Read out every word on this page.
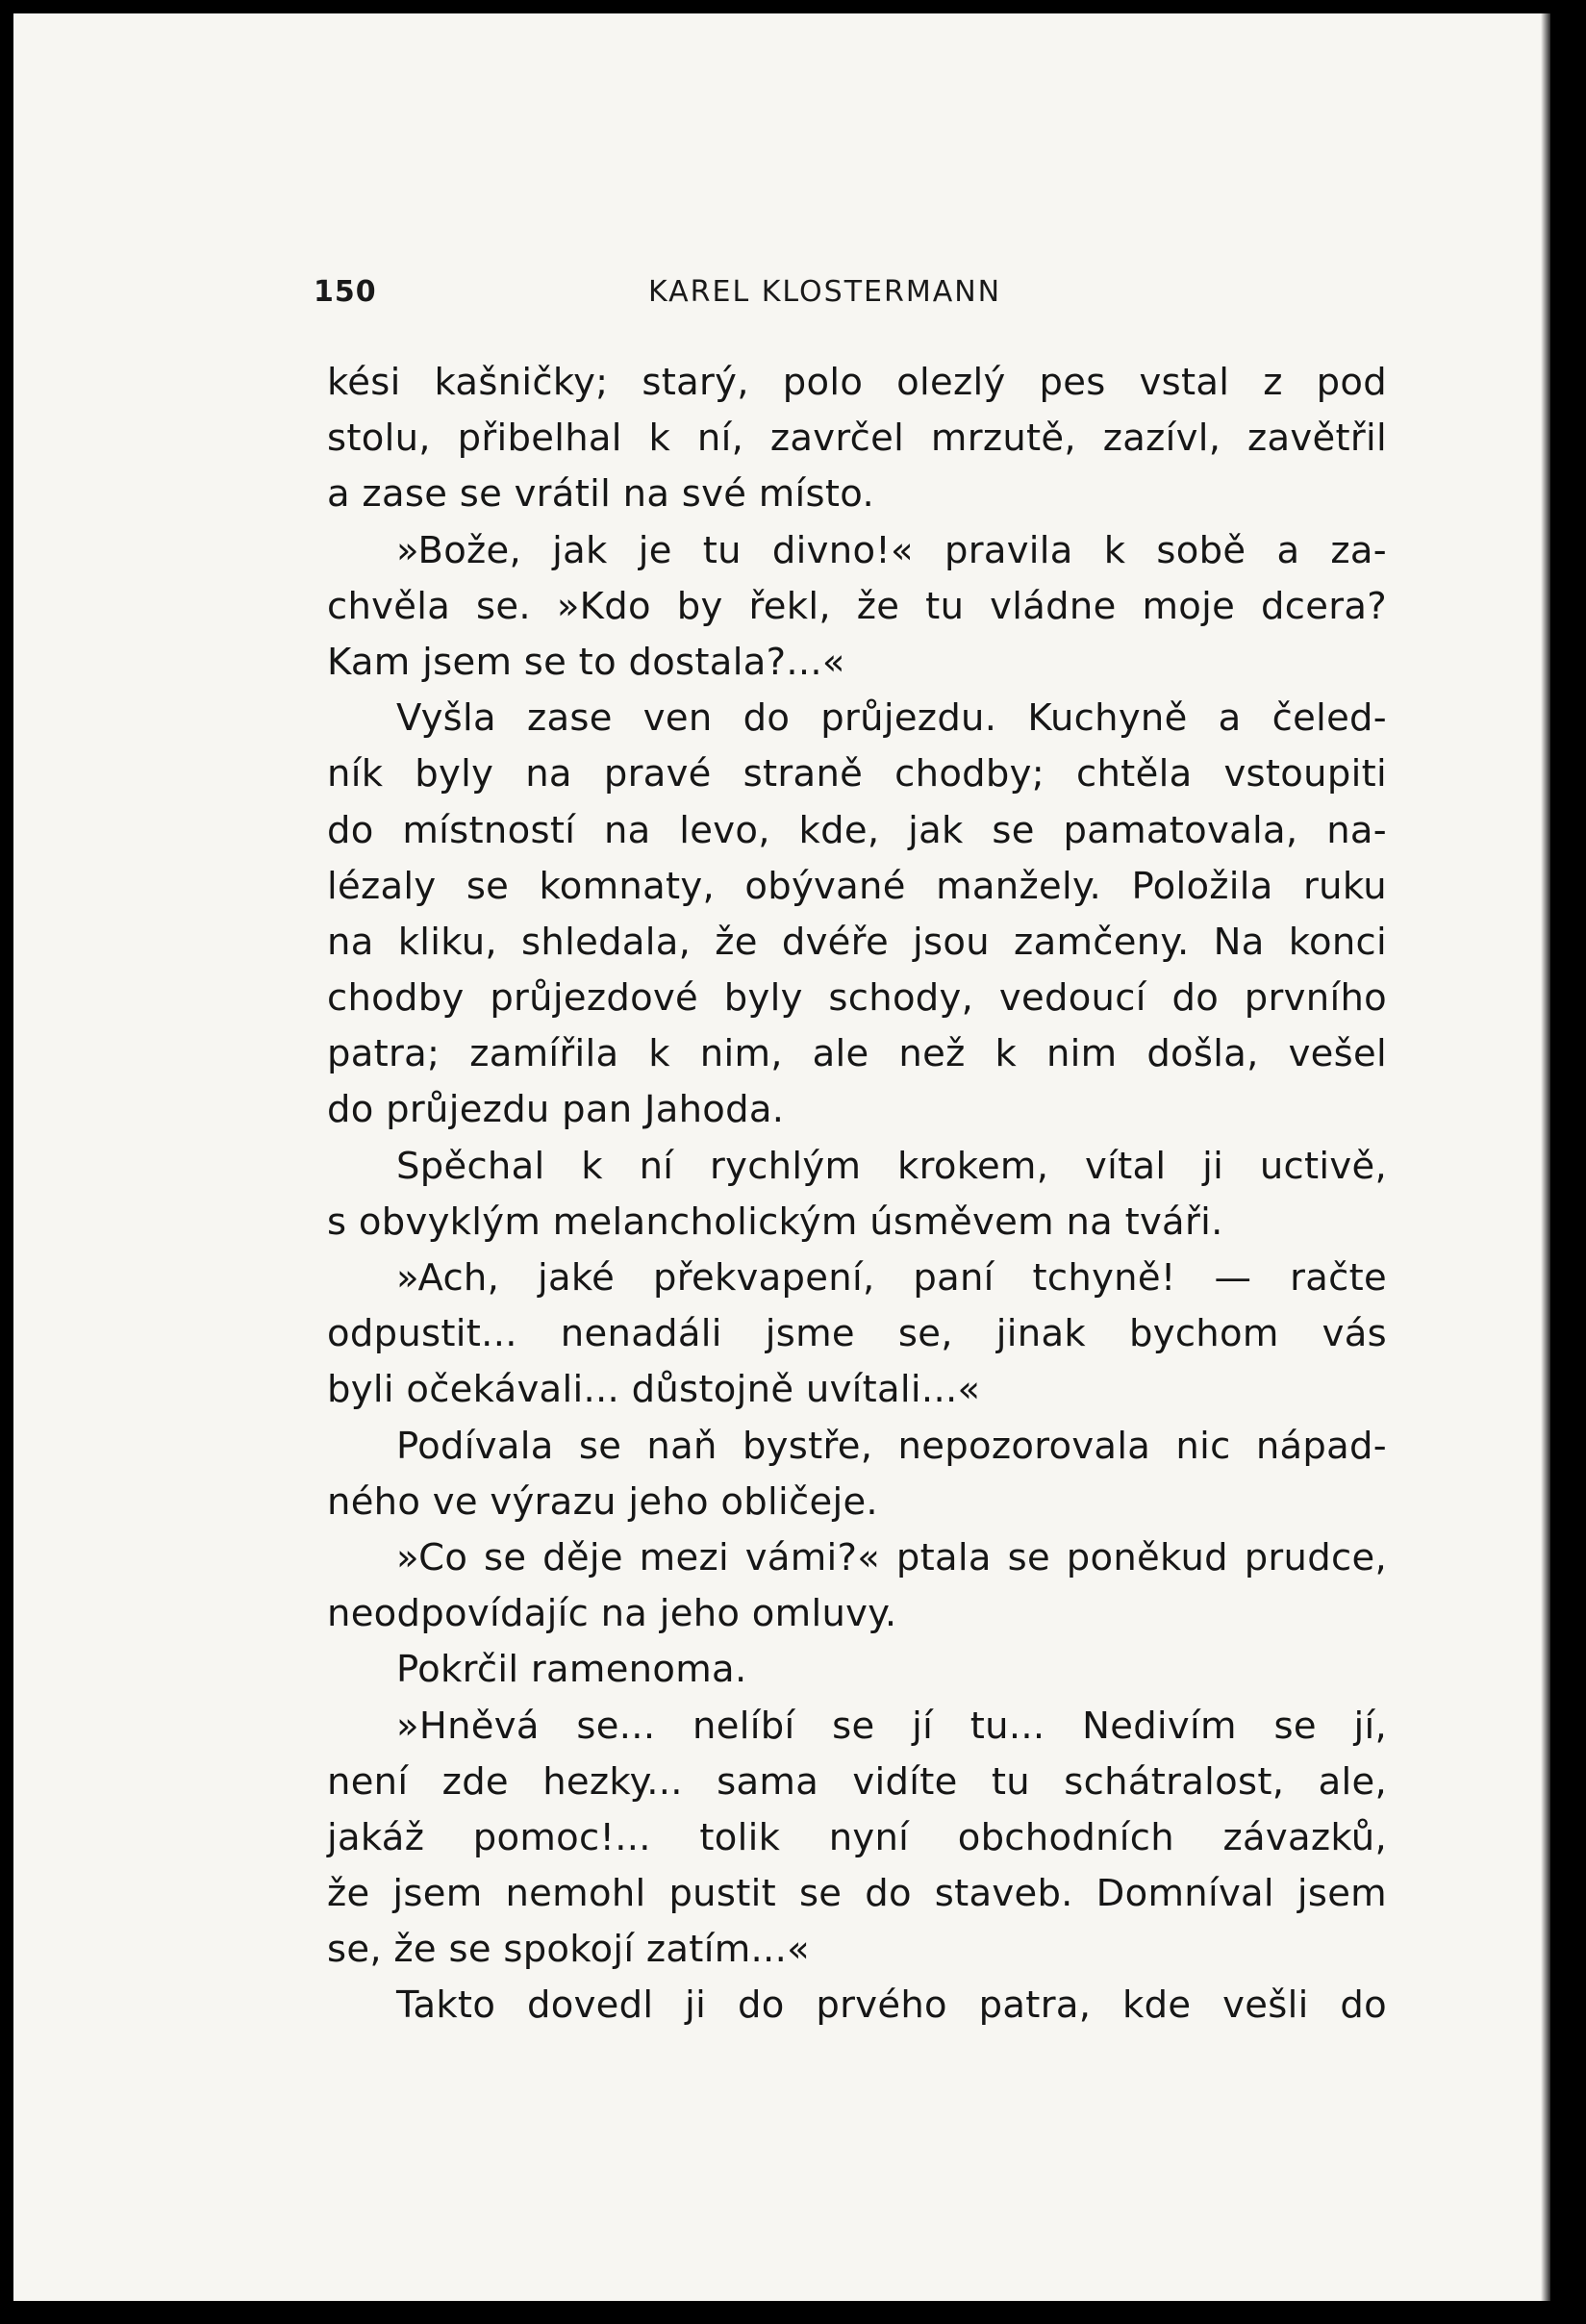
150	KAREL KLOSTERMANN
kési kašničky; starý, polo olezlý pes vstal z pod
stolu, přibelhal k ní, zavrčel mrzutě, zazívl, zavětřil
a zase se vrátil na své místo.
»Bože, jak je tu divno!« pravila k sobě a za-
chvěla se. »Kdo by řekl, že tu vládne moje dcera?
Kam jsem se to dostala?...«
Vyšla zase ven do průjezdu. Kuchyně a čeled-
ník byly na pravé straně chodby; chtěla vstoupiti
do místností na levo, kde, jak se pamatovala, na-
lézaly se komnaty, obývané manžely. Položila ruku
na kliku, shledala, že dvéře jsou zamčeny. Na konci
chodby průjezdové byly schody, vedoucí do prvního
patra; zamířila k nim, ale než k nim došla, vešel
do průjezdu pan Jahoda.
Spěchal k ní rychlým krokem, vítal ji uctivě,
s obvyklým melancholickým úsměvem na tváři.
»Ach, jaké překvapení, paní tchyně! — račte
odpustit... nenadáli jsme se, jinak bychom vás
byli očekávali... důstojně uvítali...«
Podívala se naň bystře, nepozorovala nic nápad-
ného ve výrazu jeho obličeje.
»Co se děje mezi vámi?« ptala se poněkud prudce,
neodpovídajíc na jeho omluvy.
Pokrčil ramenoma.
»Hněvá se... nelíbí se jí tu... Nedivím se jí,
není zde hezky... sama vidíte tu schátralost, ale,
jakáž pomoc!... tolik nyní obchodních závazků,
že jsem nemohl pustit se do staveb. Domníval jsem
se, že se spokojí zatím...«
Takto dovedl ji do prvého patra, kde vešli do
